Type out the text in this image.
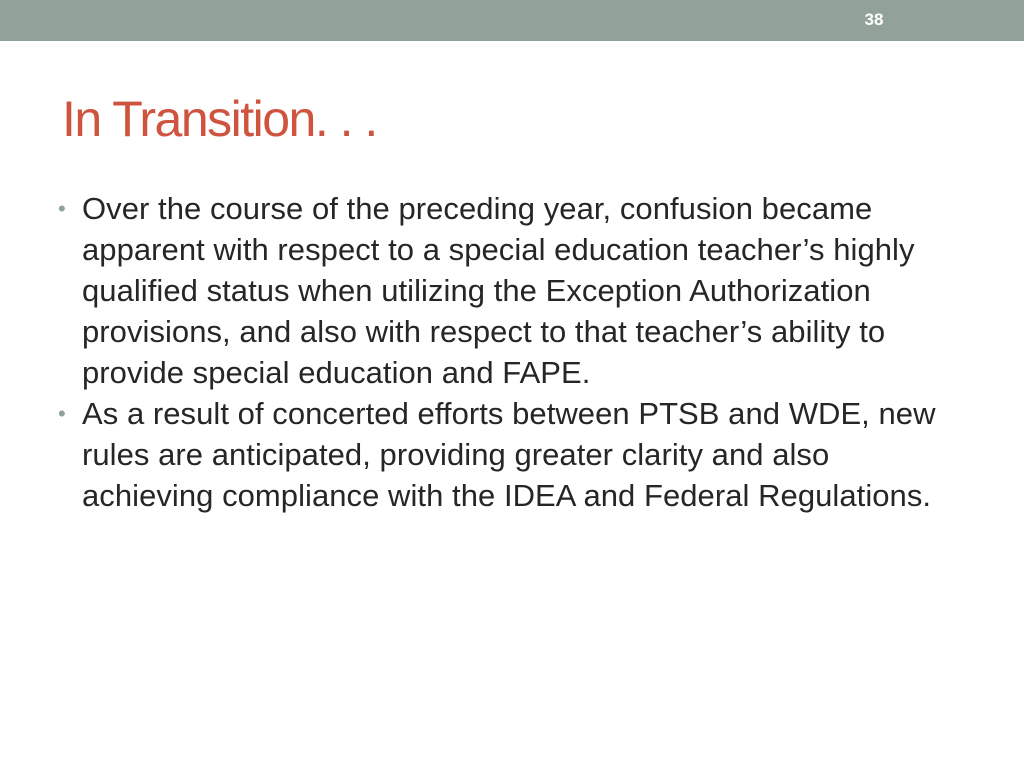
38
In Transition. . .
• Over the course of the preceding year, confusion became apparent with respect to a special education teacher’s highly qualified status when utilizing the Exception Authorization provisions, and also with respect to that teacher’s ability to provide special education and FAPE.
• As a result of concerted efforts between PTSB and WDE, new rules are anticipated, providing greater clarity and also achieving compliance with the IDEA and Federal Regulations.
